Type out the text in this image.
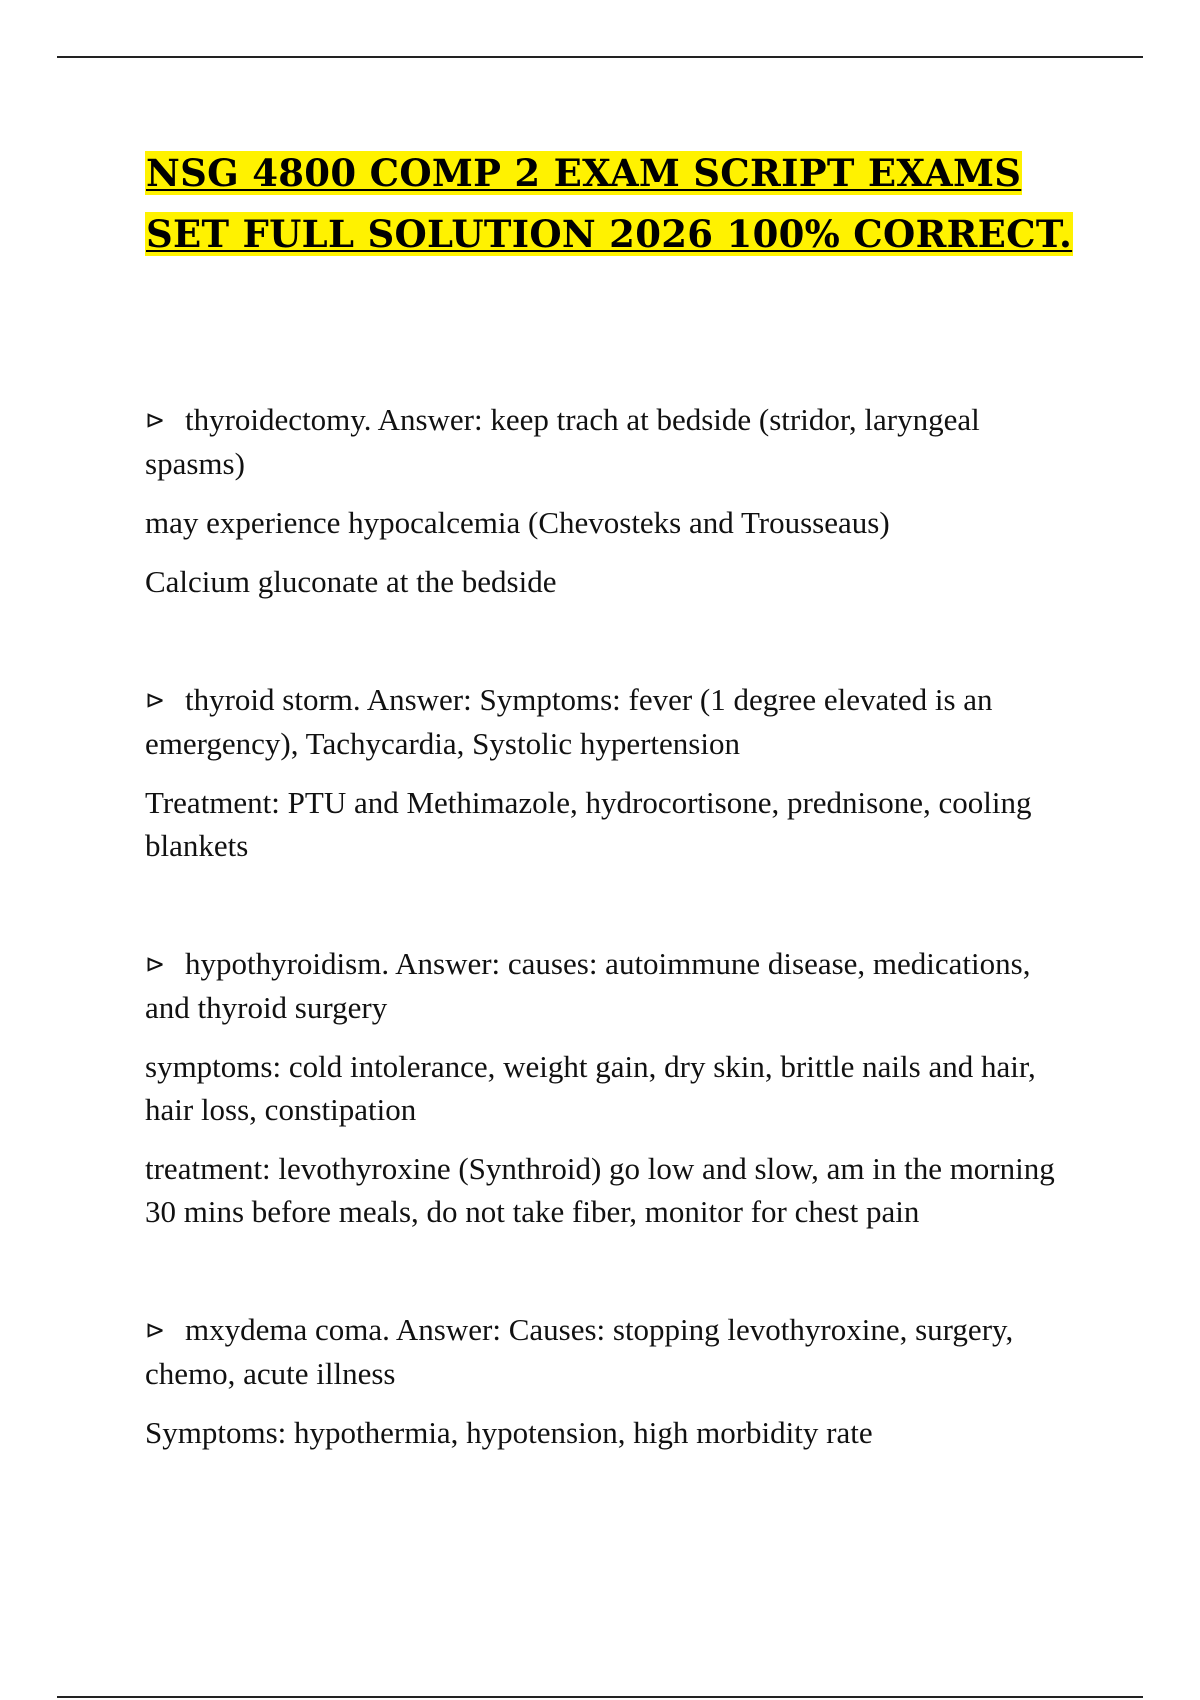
NSG 4800 COMP 2 EXAM SCRIPT EXAMS SET FULL SOLUTION 2026 100% CORRECT.

⊳ thyroidectomy. Answer: keep trach at bedside (stridor, laryngeal spasms)

may experience hypocalcemia (Chevosteks and Trousseaus)

Calcium gluconate at the bedside

⊳ thyroid storm. Answer: Symptoms: fever (1 degree elevated is an emergency), Tachycardia, Systolic hypertension

Treatment: PTU and Methimazole, hydrocortisone, prednisone, cooling blankets

⊳ hypothyroidism. Answer: causes: autoimmune disease, medications, and thyroid surgery

symptoms: cold intolerance, weight gain, dry skin, brittle nails and hair, hair loss, constipation

treatment: levothyroxine (Synthroid) go low and slow, am in the morning 30 mins before meals, do not take fiber, monitor for chest pain

⊳ mxydema coma. Answer: Causes: stopping levothyroxine, surgery, chemo, acute illness

Symptoms: hypothermia, hypotension, high morbidity rate
